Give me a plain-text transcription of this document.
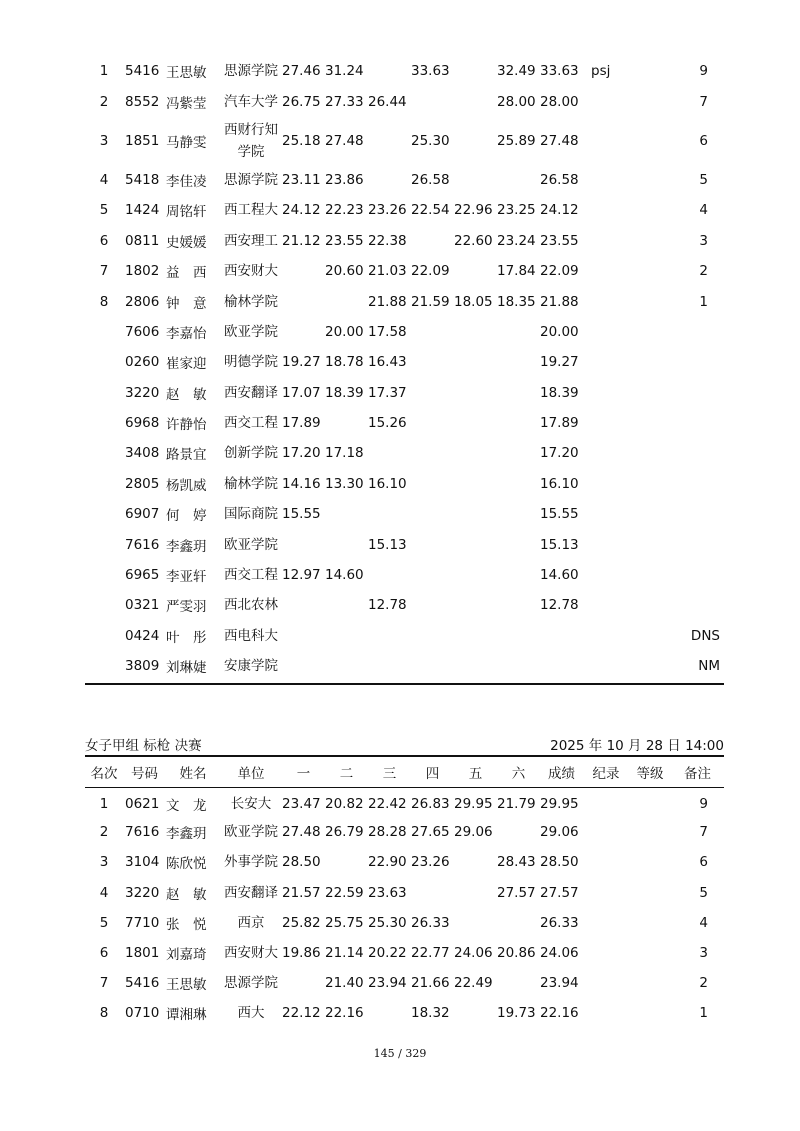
1	5416	王思敏	思源学院	27.46	31.24		33.63		32.49	33.63	psj		9
2	8552	冯紫莹	汽车大学	26.75	27.33	26.44			28.00	28.00			7
3	1851	马静雯	西财行知
学院	25.18	27.48		25.30		25.89	27.48			6
4	5418	李佳凌	思源学院	23.11	23.86		26.58			26.58			5
5	1424	周铭轩	西工程大	24.12	22.23	23.26	22.54	22.96	23.25	24.12			4
6	0811	史媛媛	西安理工	21.12	23.55	22.38		22.60	23.24	23.55			3
7	1802	益　西	西安财大		20.60	21.03	22.09		17.84	22.09			2
8	2806	钟　意	榆林学院			21.88	21.59	18.05	18.35	21.88			1
	7606	李嘉怡	欧亚学院		20.00	17.58				20.00			
	0260	崔家迎	明德学院	19.27	18.78	16.43				19.27			
	3220	赵　敏	西安翻译	17.07	18.39	17.37				18.39			
	6968	许静怡	西交工程	17.89		15.26				17.89			
	3408	路景宜	创新学院	17.20	17.18					17.20			
	2805	杨凯威	榆林学院	14.16	13.30	16.10				16.10			
	6907	何　婷	国际商院	15.55						15.55			
	7616	李鑫玥	欧亚学院			15.13				15.13			
	6965	李亚轩	西交工程	12.97	14.60					14.60			
	0321	严雯羽	西北农林			12.78				12.78			
	0424	叶　彤	西电科大										DNS
	3809	刘琳婕	安康学院										NM
女子甲组 标枪 决赛	2025 年 10 月 28 日 14:00
名次	号码	姓名	单位	一	二	三	四	五	六	成绩	纪录	等级	备注
1	0621	文　龙	长安大	23.47	20.82	22.42	26.83	29.95	21.79	29.95			9
2	7616	李鑫玥	欧亚学院	27.48	26.79	28.28	27.65	29.06		29.06			7
3	3104	陈欣悦	外事学院	28.50		22.90	23.26		28.43	28.50			6
4	3220	赵　敏	西安翻译	21.57	22.59	23.63			27.57	27.57			5
5	7710	张　悦	西京	25.82	25.75	25.30	26.33			26.33			4
6	1801	刘嘉琦	西安财大	19.86	21.14	20.22	22.77	24.06	20.86	24.06			3
7	5416	王思敏	思源学院		21.40	23.94	21.66	22.49		23.94			2
8	0710	谭湘琳	西大	22.12	22.16		18.32		19.73	22.16			1
145 / 329
